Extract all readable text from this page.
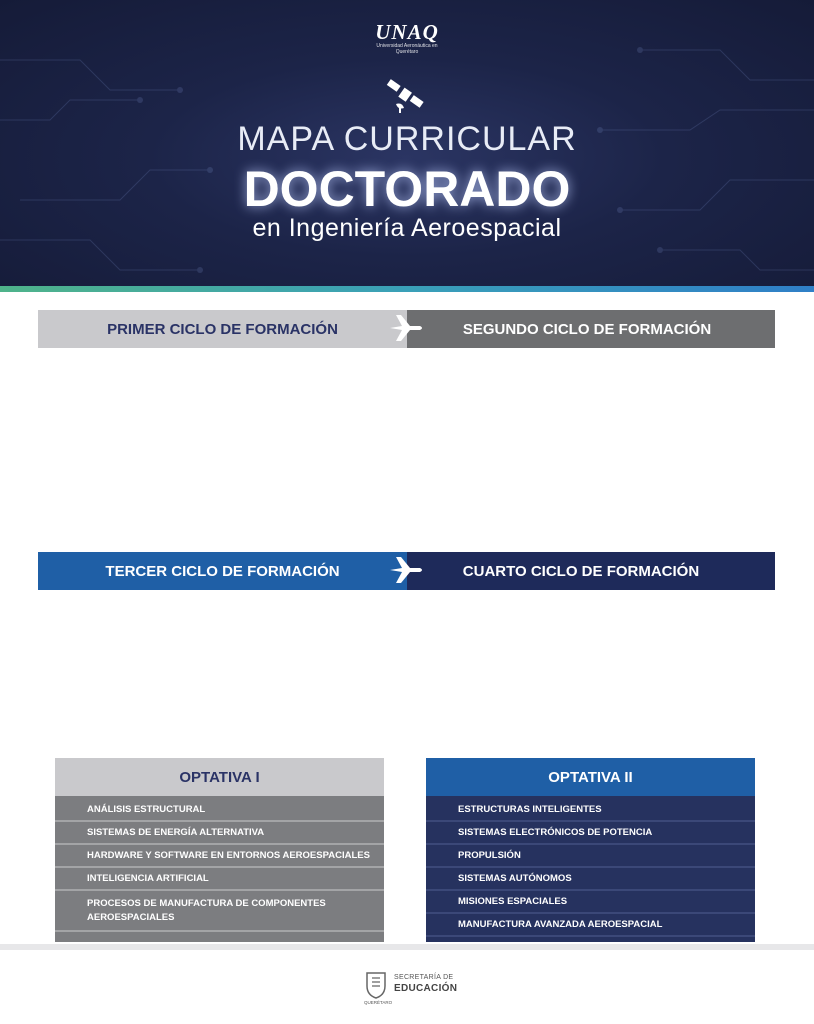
UNAQ
Universidad Aeronáutica en Querétaro
MAPA CURRICULAR
DOCTORADO
en Ingeniería Aeroespacial
PRIMER CICLO DE FORMACIÓN	SEGUNDO CICLO DE FORMACIÓN
TERCER CICLO DE FORMACIÓN	CUARTO CICLO DE FORMACIÓN
OPTATIVA I
ANÁLISIS ESTRUCTURAL
SISTEMAS DE ENERGÍA ALTERNATIVA
HARDWARE Y SOFTWARE EN ENTORNOS AEROESPACIALES
INTELIGENCIA ARTIFICIAL
PROCESOS DE MANUFACTURA DE COMPONENTES AEROESPACIALES
OPTATIVA II
ESTRUCTURAS INTELIGENTES
SISTEMAS ELECTRÓNICOS DE POTENCIA
PROPULSIÓN
SISTEMAS AUTÓNOMOS
MISIONES ESPACIALES
MANUFACTURA AVANZADA AEROESPACIAL
SECRETARÍA DE
EDUCACIÓN
QUERÉTARO
